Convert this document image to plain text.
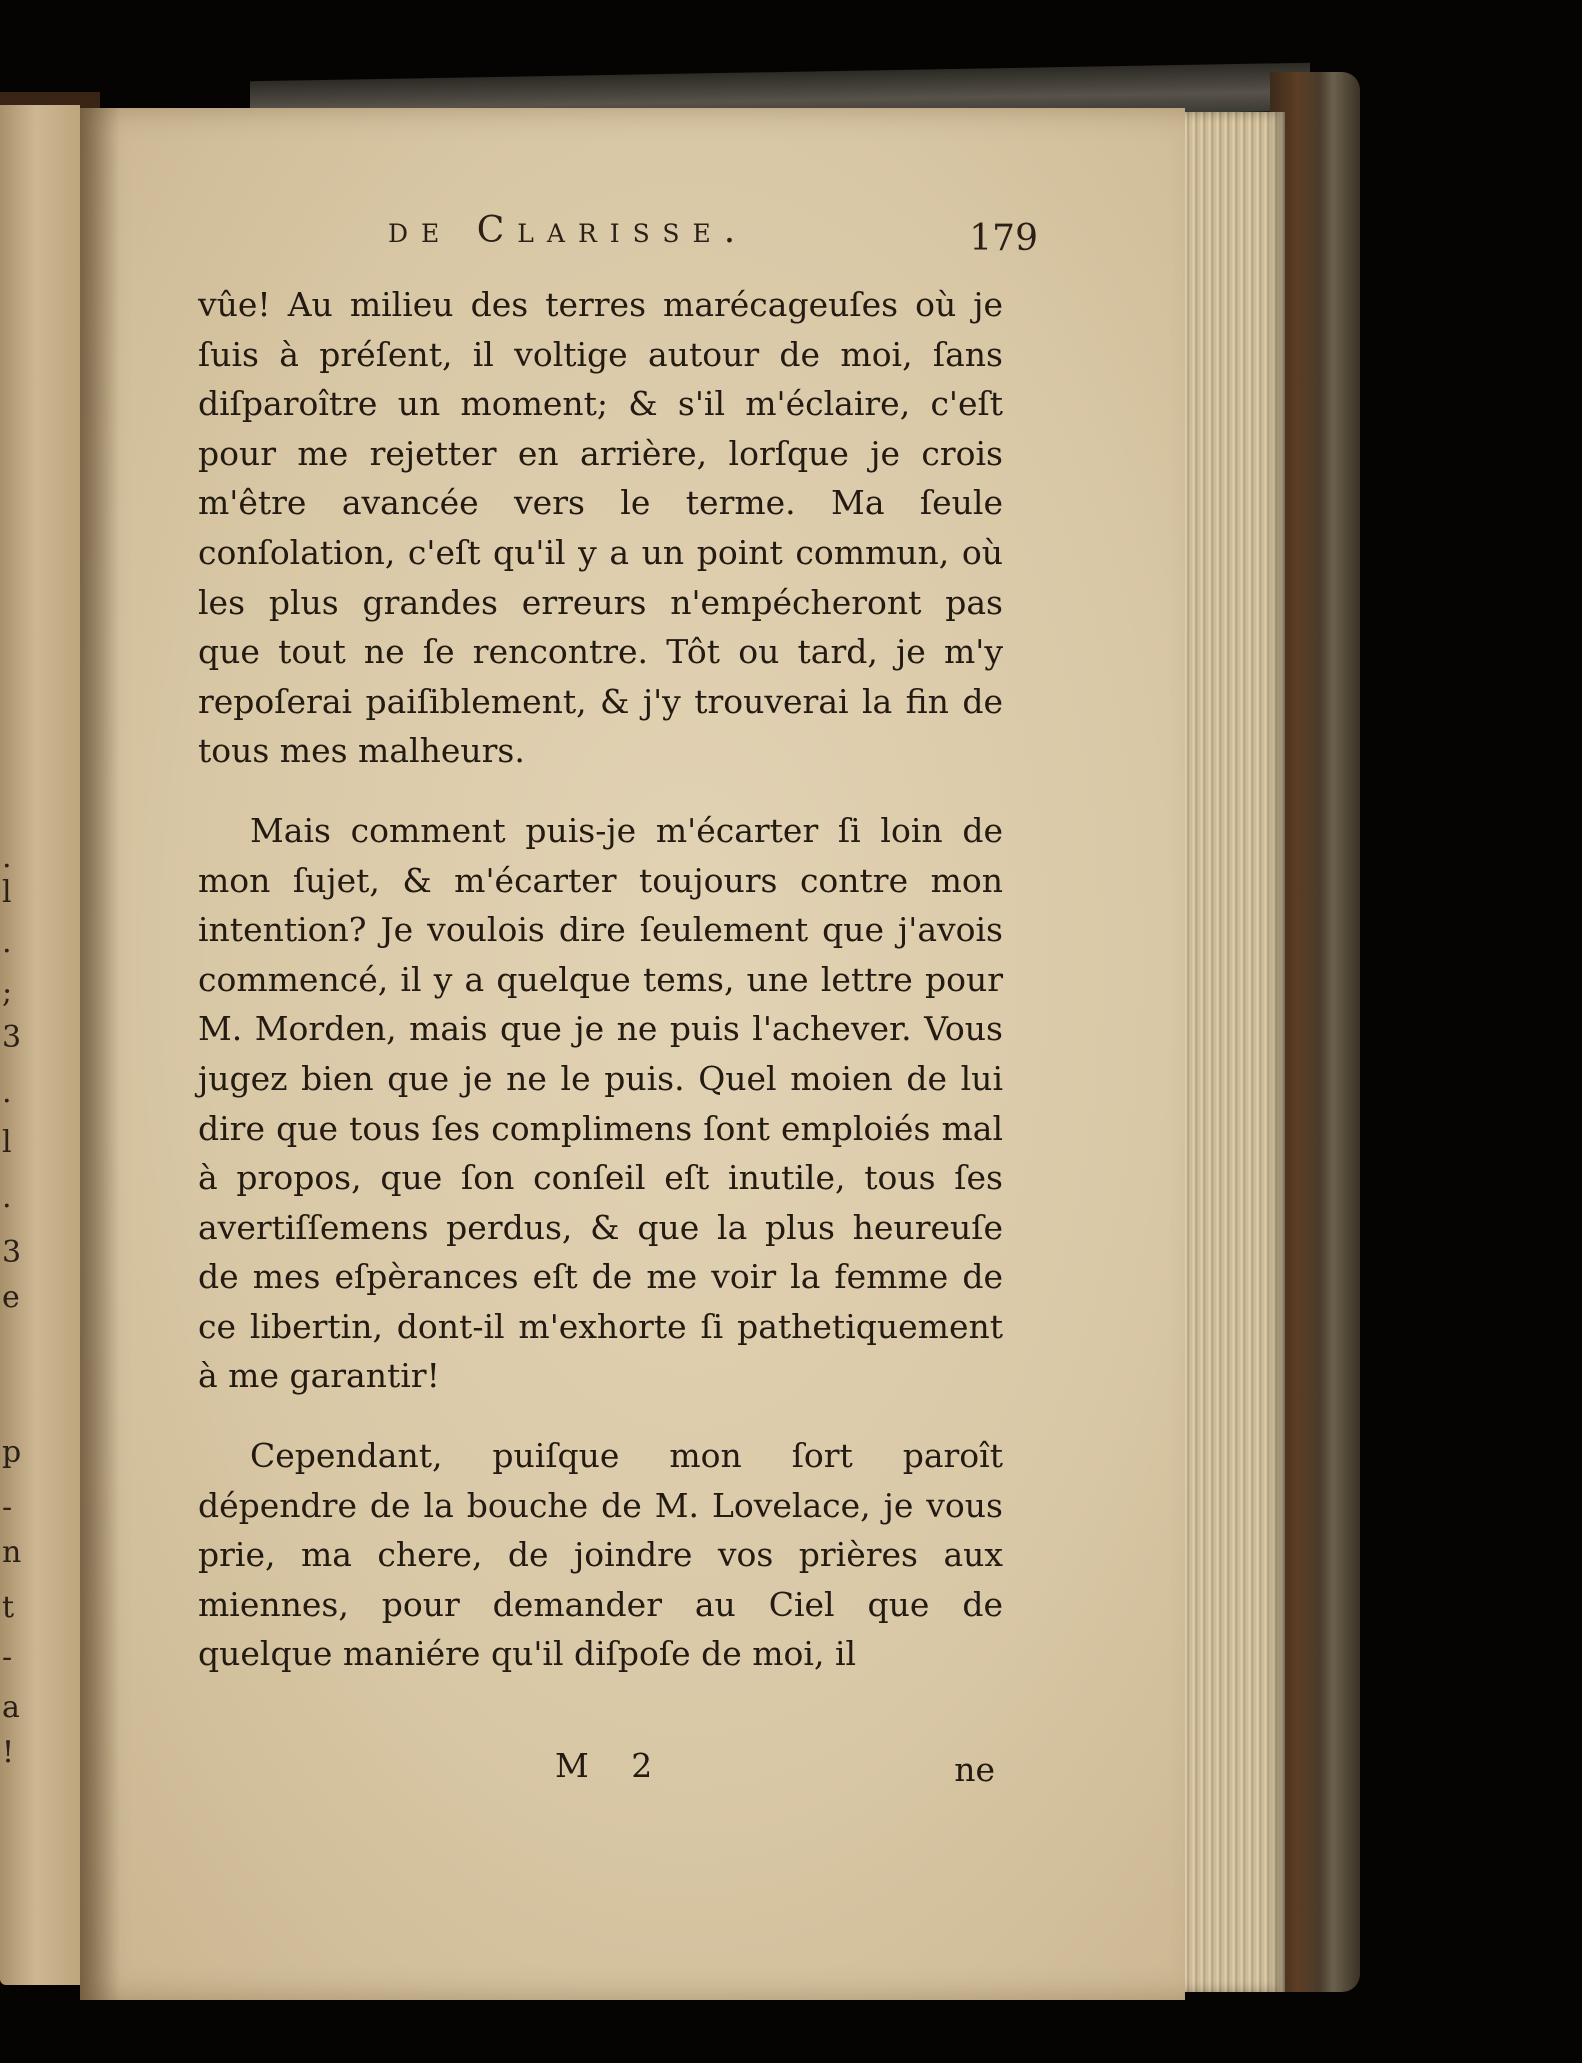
.
l
.
;
3
.
l
.
3
e
p
-
n
t
-
a
!
de Clarisse.	179

vûe! Au milieu des terres marécageuſes où je ſuis à préſent, il voltige autour de moi, ſans diſparoître un moment; & s'il m'éclaire, c'eſt pour me rejetter en arrière, lorſque je crois m'être avancée vers le terme. Ma ſeule conſolation, c'eſt qu'il y a un point commun, où les plus grandes erreurs n'empécheront pas que tout ne ſe rencontre. Tôt ou tard, je m'y repoſerai paiſiblement, & j'y trouverai la fin de tous mes malheurs.

Mais comment puis-je m'écarter ſi loin de mon ſujet, & m'écarter toujours contre mon intention? Je voulois dire ſeulement que j'avois commencé, il y a quelque tems, une lettre pour M. Morden, mais que je ne puis l'achever. Vous jugez bien que je ne le puis. Quel moien de lui dire que tous ſes complimens ſont emploiés mal à propos, que ſon conſeil eſt inutile, tous ſes avertiſſemens perdus, & que la plus heureuſe de mes eſpèrances eſt de me voir la femme de ce libertin, dont-il m'exhorte ſi pathetiquement à me garantir!

Cependant, puiſque mon ſort paroît dépendre de la bouche de M. Lovelace, je vous prie, ma chere, de joindre vos prières aux miennes, pour demander au Ciel que de quelque maniére qu'il diſpoſe de moi, il

M 2	ne
